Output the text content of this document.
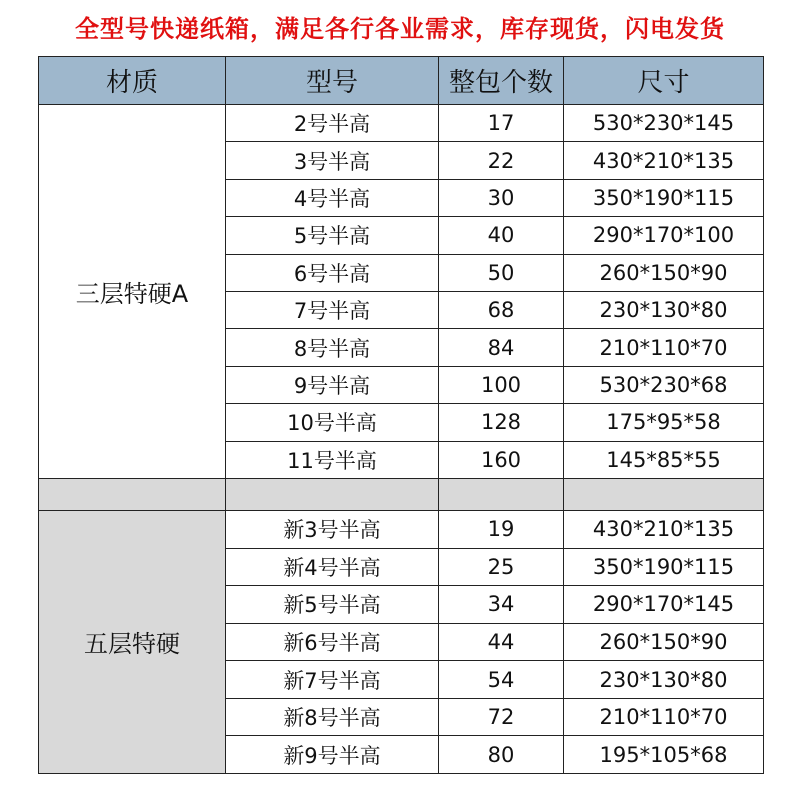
全型号快递纸箱，满足各行各业需求，库存现货，闪电发货
材质	型号	整包个数	尺寸
三层特硬A	2号半高	17	530*230*145
	3号半高	22	430*210*135
	4号半高	30	350*190*115
	5号半高	40	290*170*100
	6号半高	50	260*150*90
	7号半高	68	230*130*80
	8号半高	84	210*110*70
	9号半高	100	530*230*68
	10号半高	128	175*95*58
	11号半高	160	145*85*55

五层特硬	新3号半高	19	430*210*135
	新4号半高	25	350*190*115
	新5号半高	34	290*170*145
	新6号半高	44	260*150*90
	新7号半高	54	230*130*80
	新8号半高	72	210*110*70
	新9号半高	80	195*105*68
